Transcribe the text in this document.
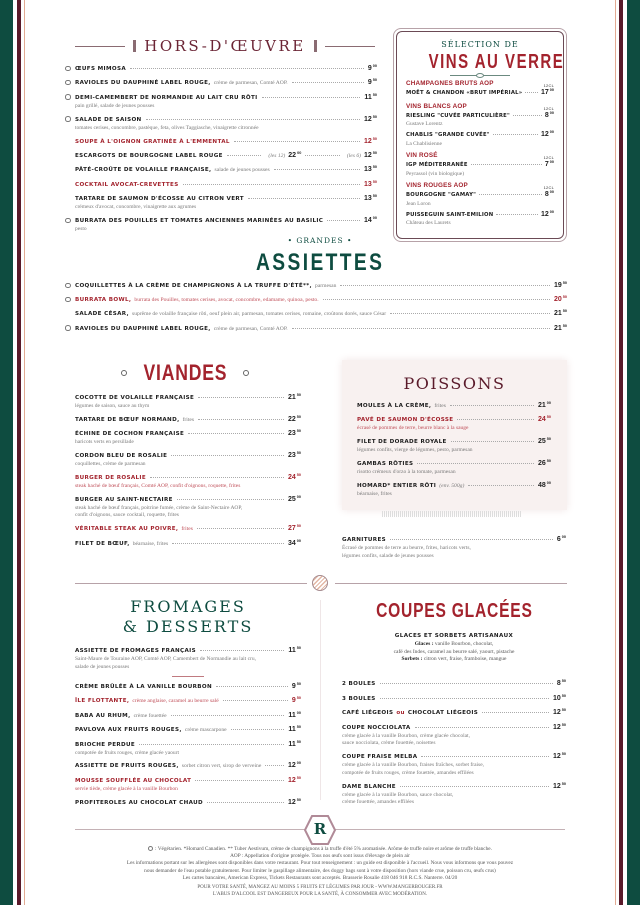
HORS-D'ŒUVRE
ŒUFS MIMOSA	$9^{00}$
RAVIOLES DU DAUPHINÉ LABEL ROUGE, crème de parmesan, Comté AOP.	$9^{50}$
DEMI-CAMEMBERT DE NORMANDIE AU LAIT CRU RÔTI	$11^{50}$
pain grillé, salade de jeunes pousses
SALADE DE SAISON	$12^{50}$
tomates cerises, concombre, pastèque, feta, olives Taggiasche, vinaigrette citronnée
SOUPE À L'OIGNON GRATINÉE À L'EMMENTAL	$12^{50}$
ESCARGOTS DE BOURGOGNE LABEL ROUGE	(les 12) $22^{00}$	(les 6) $12^{50}$
PÂTÉ-CROÛTE DE VOLAILLE FRANÇAISE, salade de jeunes pousses	$13^{50}$
COCKTAIL AVOCAT-CREVETTES	$13^{50}$
TARTARE DE SAUMON D'ÉCOSSE AU CITRON VERT	$13^{50}$
crémeux d'avocat, concombre, vinaigrette aux agrumes
BURRATA DES POUILLES ET TOMATES ANCIENNES MARINÉES AU BASILIC	$14^{00}$
pesto
SÉLECTION DE
VINS AU VERRE
CHAMPAGNES BRUTS AOP	12CL
MOËT & CHANDON «BRUT IMPÉRIAL»	$17^{00}$
VINS BLANCS AOP	12CL
RIESLING "CUVÉE PARTICULIÈRE"	$8^{00}$
Gustave Lorentz
CHABLIS "GRANDE CUVÉE"	$12^{00}$
La Chablisienne
VIN ROSÉ	12CL
IGP MÉDITERRANÉE	$7^{00}$
Peyrassol (vin biologique)
VINS ROUGES AOP	12CL
BOURGOGNE "GAMAY"	$8^{00}$
Jean Loron
PUISSEGUIN SAINT-EMILION	$12^{00}$
Château des Laurets
• GRANDES •
ASSIETTES
COQUILLETTES À LA CRÈME DE CHAMPIGNONS À LA TRUFFE D'ÉTÉ**, parmesan	$19^{50}$
BURRATA BOWL, burrata des Pouilles, tomates cerises, avocat, concombre, edamame, quinoa, pesto.	$20^{50}$
SALADE CÉSAR, suprême de volaille française rôti, oeuf plein air, parmesan, tomates cerises, romaine, croûtons dorés, sauce César	$21^{50}$
RAVIOLES DU DAUPHINÉ LABEL ROUGE, crème de parmesan, Comté AOP.	$21^{50}$
VIANDES
COCOTTE DE VOLAILLE FRANÇAISE	$21^{50}$
légumes de saison, sauce au thym
TARTARE DE BŒUF NORMAND, frites	$22^{50}$
ÉCHINE DE COCHON FRANÇAISE	$23^{50}$
haricots verts en persillade
CORDON BLEU DE ROSALIE	$23^{50}$
coquillettes, crème de parmesan
BURGER DE ROSALIE	$24^{50}$
steak haché de bœuf français, Comté AOP, confit d'oignons, roquette, frites
BURGER AU SAINT-NECTAIRE	$25^{00}$
steak haché de bœuf français, poitrine fumée, crème de Saint-Nectaire AOP,
confit d'oignons, sauce cocktail, roquette, frites
VÉRITABLE STEAK AU POIVRE, frites	$27^{50}$
FILET DE BŒUF, béarnaise, frites	$34^{00}$
POISSONS
MOULES À LA CRÈME, frites	$21^{00}$
PAVÉ DE SAUMON D'ÉCOSSE	$24^{50}$
écrasé de pommes de terre, beurre blanc à la sauge
FILET DE DORADE ROYALE	$25^{50}$
légumes confits, vierge de légumes, pesto, parmesan
GAMBAS RÔTIES	$26^{50}$
risotto crémeux d'orzo à la tomate, parmesan
HOMARD* ENTIER RÔTI (env. 500g)	$48^{00}$
béarnaise, frites
GARNITURES	$6^{00}$
Écrasé de pommes de terre au beurre, frites, haricots verts,
légumes confits, salade de jeunes pousses
FROMAGES
& DESSERTS
ASSIETTE DE FROMAGES FRANÇAIS	$11^{50}$
Saint-Maure de Touraine AOP, Comté AOP, Camembert de Normandie au lait cru,
salade de jeunes pousses
CRÈME BRÛLÉE À LA VANILLE BOURBON	$9^{50}$
ÎLE FLOTTANTE, crème anglaise, caramel au beurre salé	$9^{50}$
BABA AU RHUM, crème fouettée	$11^{00}$
PAVLOVA AUX FRUITS ROUGES, crème mascarpone	$11^{50}$
BRIOCHE PERDUE	$11^{50}$
compotée de fruits rouges, crème glacée yaourt
ASSIETTE DE FRUITS ROUGES, sorbet citron vert, sirop de verveine	$12^{00}$
MOUSSE SOUFFLÉE AU CHOCOLAT	$12^{50}$
servie tiède, crème glacée à la vanille Bourbon
PROFITEROLES AU CHOCOLAT CHAUD	$12^{50}$
COUPES GLACÉES
GLACES ET SORBETS ARTISANAUX
Glaces : vanille Bourbon, chocolat,
café des Indes, caramel au beurre salé, yaourt, pistache
Sorbets : citron vert, fraise, framboise, mangue
2 BOULES	$8^{50}$
3 BOULES	$10^{50}$
CAFÉ LIÉGEOIS ou CHOCOLAT LIÉGEOIS	$12^{50}$
COUPE NOCCIOLATA	$12^{50}$
crème glacée à la vanille Bourbon, crème glacée chocolat,
sauce nocciolata, crème fouettée, noisettes
COUPE FRAISE MELBA	$12^{50}$
crème glacée à la vanille Bourbon, fraises fraîches, sorbet fraise,
compotée de fruits rouges, crème fouettée, amandes effilées
DAME BLANCHE	$12^{50}$
crème glacée à la vanille Bourbon, sauce chocolat,
crème fouettée, amandes effilées
R
: Végétarien. *Homard Canadien. ** Tuber Aestivum, crème de champignons à la truffe d'été 5% aromatisée. Arôme de truffe noire et arôme de truffe blanche.
AOP : Appellation d'origine protégée. Tous nos œufs sont issus d'élevage de plein air
Les informations portant sur les allergènes sont disponibles dans votre restaurant. Pour tout renseignement : un guide est disponible à l'accueil. Nous vous informons que vous pouvez
nous demander de l'eau potable gratuitement. Pour limiter le gaspillage alimentaire, des doggy bags sont à votre disposition (hors viande crue, poisson cru, œufs crus)
Les cartes bancaires, American Express, Tickets Restaurants sont acceptés. Brasserie Rosalie 418 046 918 R.C.S. Nanterre. 04/20
POUR VOTRE SANTÉ, MANGEZ AU MOINS 5 FRUITS ET LÉGUMES PAR JOUR - WWW.MANGERBOUGER.FR
L'ABUS D'ALCOOL EST DANGEREUX POUR LA SANTÉ, À CONSOMMER AVEC MODÉRATION.
